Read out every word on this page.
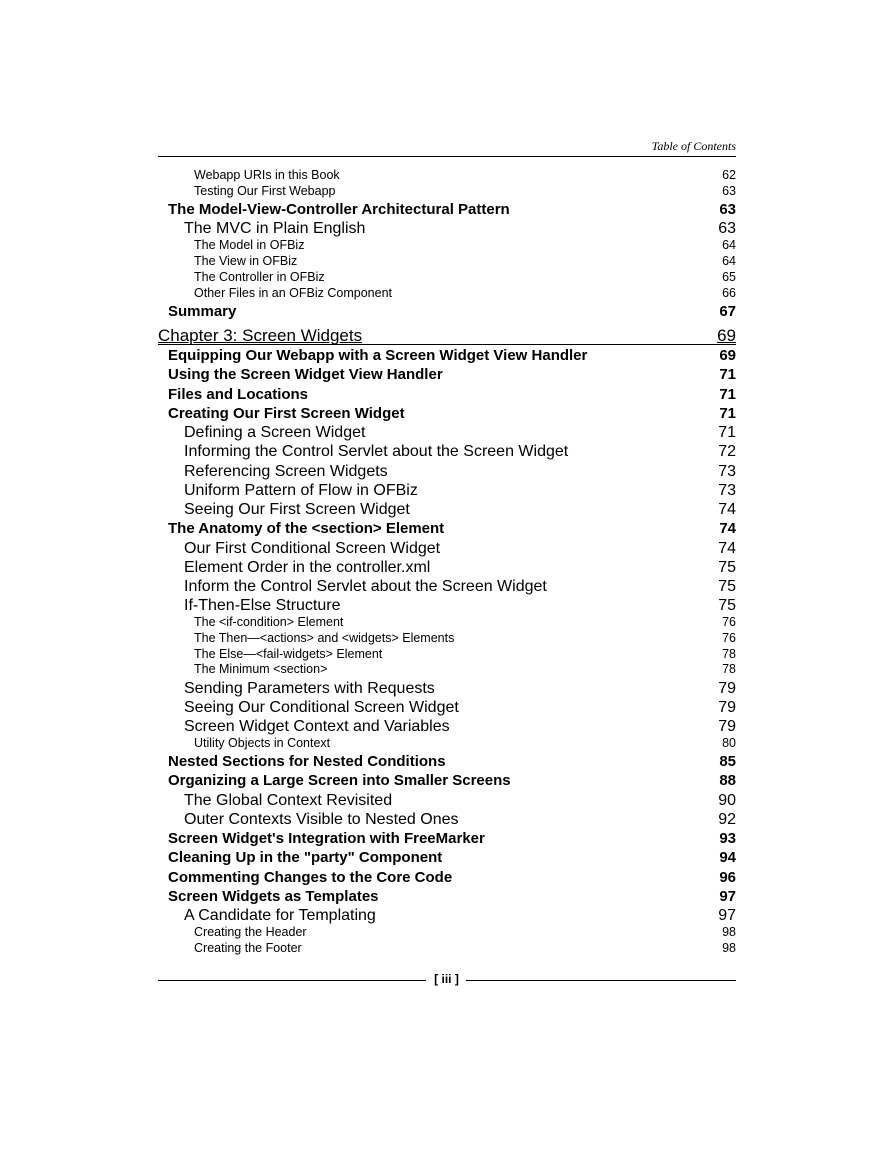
Table of Contents
Webapp URIs in this Book	62
Testing Our First Webapp	63
The Model-View-Controller Architectural Pattern	63
The MVC in Plain English	63
The Model in OFBiz	64
The View in OFBiz	64
The Controller in OFBiz	65
Other Files in an OFBiz Component	66
Summary	67
Chapter 3: Screen Widgets	69
Equipping Our Webapp with a Screen Widget View Handler	69
Using the Screen Widget View Handler	71
Files and Locations	71
Creating Our First Screen Widget	71
Defining a Screen Widget	71
Informing the Control Servlet about the Screen Widget	72
Referencing Screen Widgets	73
Uniform Pattern of Flow in OFBiz	73
Seeing Our First Screen Widget	74
The Anatomy of the <section> Element	74
Our First Conditional Screen Widget	74
Element Order in the controller.xml	75
Inform the Control Servlet about the Screen Widget	75
If-Then-Else Structure	75
The <if-condition> Element	76
The Then—<actions> and <widgets> Elements	76
The Else—<fail-widgets> Element	78
The Minimum <section>	78
Sending Parameters with Requests	79
Seeing Our Conditional Screen Widget	79
Screen Widget Context and Variables	79
Utility Objects in Context	80
Nested Sections for Nested Conditions	85
Organizing a Large Screen into Smaller Screens	88
The Global Context Revisited	90
Outer Contexts Visible to Nested Ones	92
Screen Widget's Integration with FreeMarker	93
Cleaning Up in the "party" Component	94
Commenting Changes to the Core Code	96
Screen Widgets as Templates	97
A Candidate for Templating	97
Creating the Header	98
Creating the Footer	98
[ iii ]
